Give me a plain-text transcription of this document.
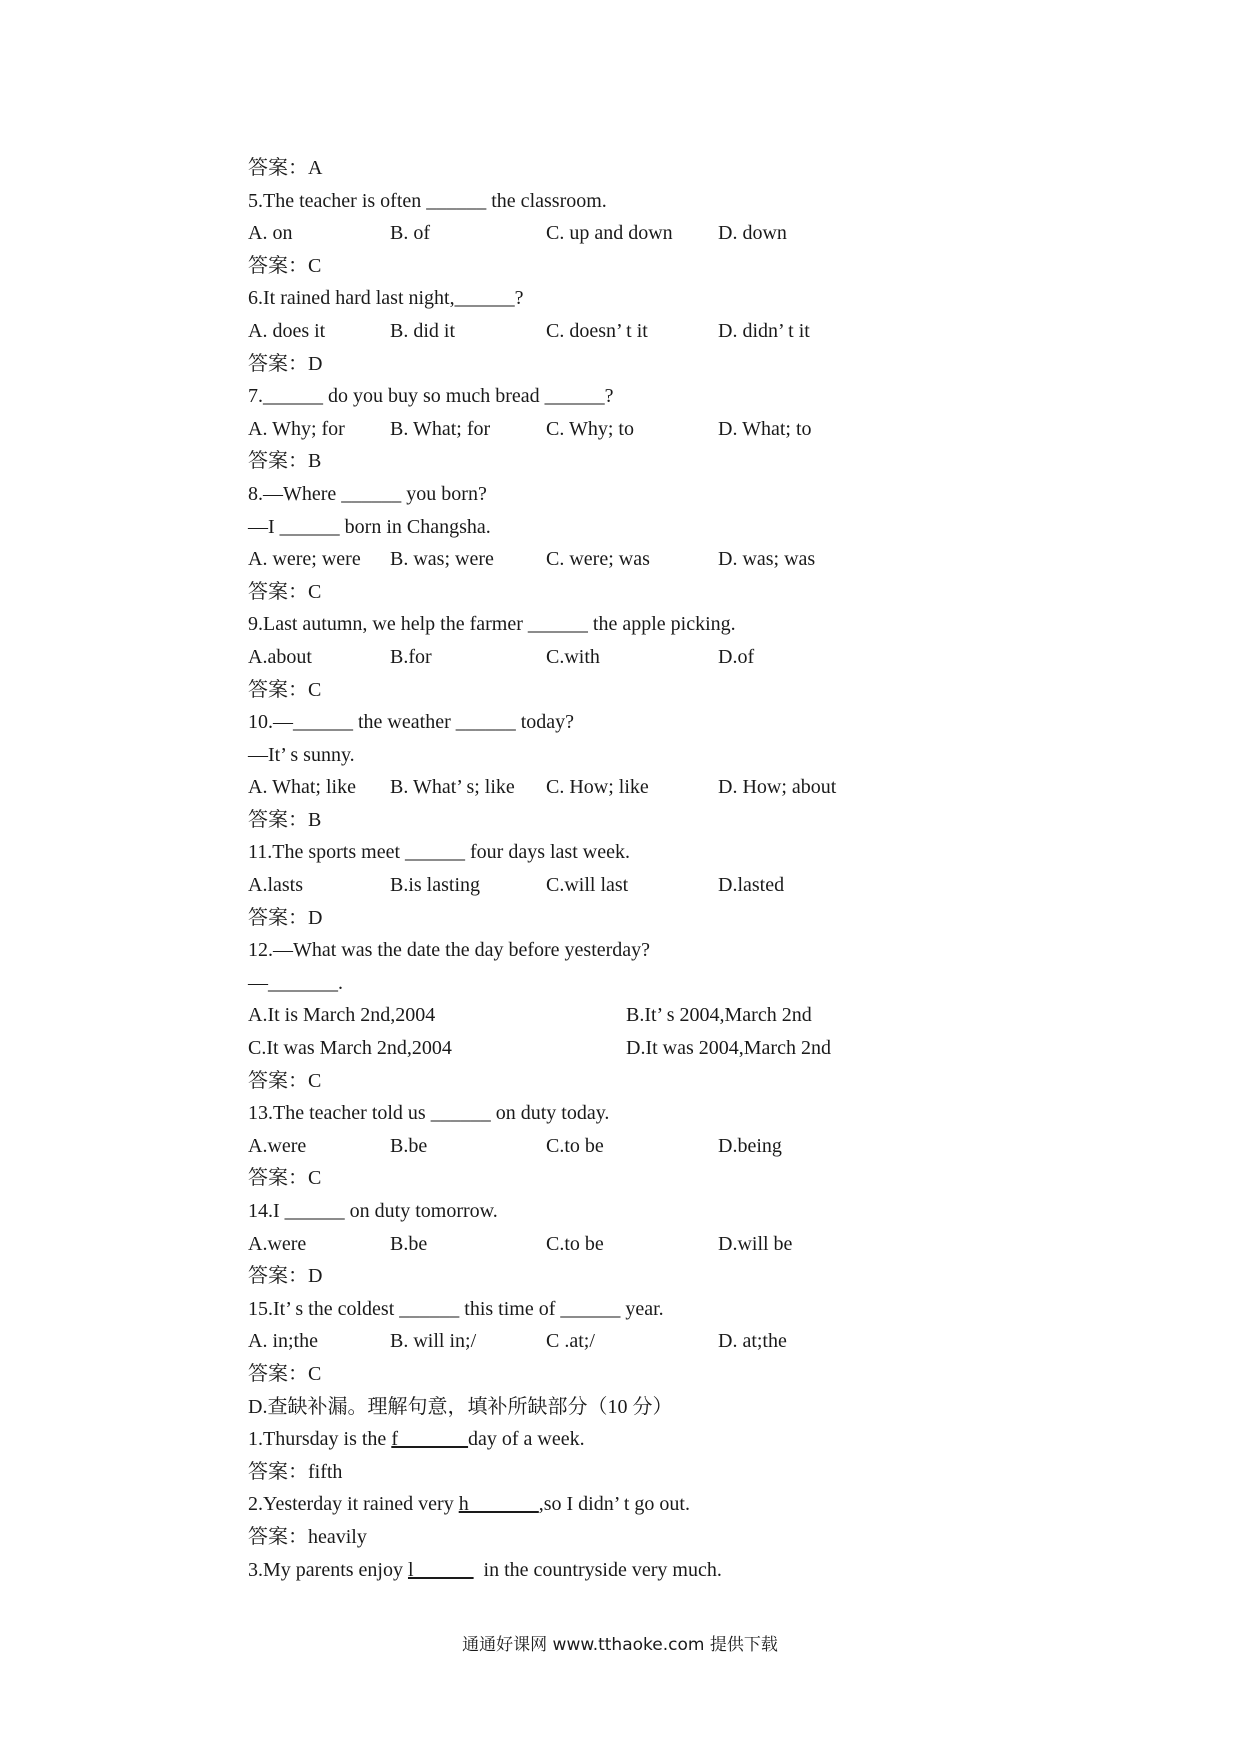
答案：A
5.The teacher is often ______ the classroom.
A. on	B. of	C. up and down D. down
答案：C
6.It rained hard last night,______?
A. does it	B. did it	C. doesn’ t it	D. didn’ t it
答案：D
7.______ do you buy so much bread ______?
A. Why; for B. What; for	C. Why; to	D. What; to
答案：B
8.—Where ______ you born?
—I ______ born in Changsha.
A. were; were B. was; were	C. were; was	D. was; was
答案：C
9.Last autumn, we help the farmer ______ the apple picking.
A.about	B.for	C.with	D.of
答案：C
10.—______ the weather ______ today?
—It’ s sunny.
A. What; like B. What’ s; like C. How; like	D. How; about
答案：B
11.The sports meet ______ four days last week.
A.lasts	B.is lasting	C.will last	D.lasted
答案：D
12.—What was the date the day before yesterday?
—_______.
A.It is March 2nd,2004	B.It’ s 2004,March 2nd
C.It was March 2nd,2004	D.It was 2004,March 2nd
答案：C
13.The teacher told us ______ on duty today.
A.were	B.be	C.to be	D.being
答案：C
14.I ______ on duty tomorrow.
A.were	B.be	C.to be	D.will be
答案：D
15.It’ s the coldest ______ this time of ______ year.
A. in;the	B. will in;/	C .at;/	D. at;the
答案：C
D.查缺补漏。理解句意，填补所缺部分（10 分）
1.Thursday is the f_______day of a week.
答案：fifth
2.Yesterday it rained very h_______,so I didn’ t go out.
答案：heavily
3.My parents enjoy l______  in the countryside very much.
通通好课网 www.tthaoke.com 提供下载
